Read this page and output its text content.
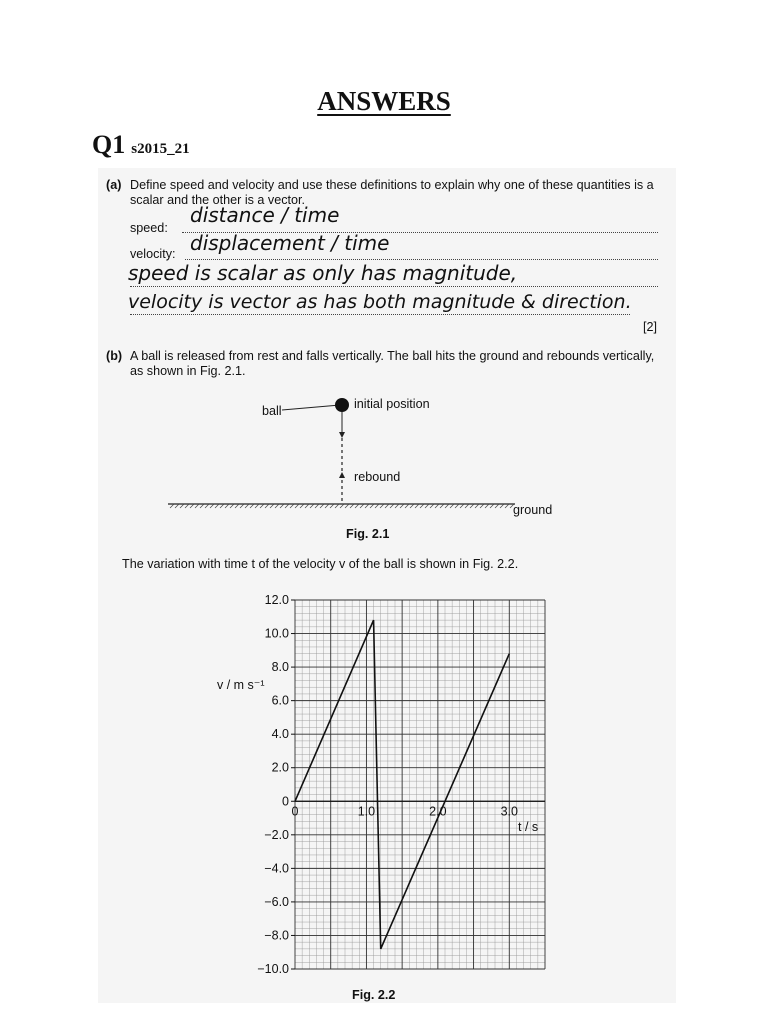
ANSWERS
Q1 s2015_21
(a) Define speed and velocity and use these definitions to explain why one of these quantities is a scalar and the other is a vector.
speed:
distance / time
velocity: displacement / time
speed is scalar as only has magnitude,
velocity is vector as has both magnitude & direction.
[2]
(b) A ball is released from rest and falls vertically. The ball hits the ground and rebounds vertically, as shown in Fig. 2.1.
ball	initial position
rebound
ground
Fig. 2.1
The variation with time t of the velocity v of the ball is shown in Fig. 2.2.
12.0
10.0
8.0
6.0
4.0
2.0
0
−2.0
−4.0
−6.0
−8.0
−10.0
0	1.0	2.0	3.0
v / m s⁻¹
t / s
Fig. 2.2
